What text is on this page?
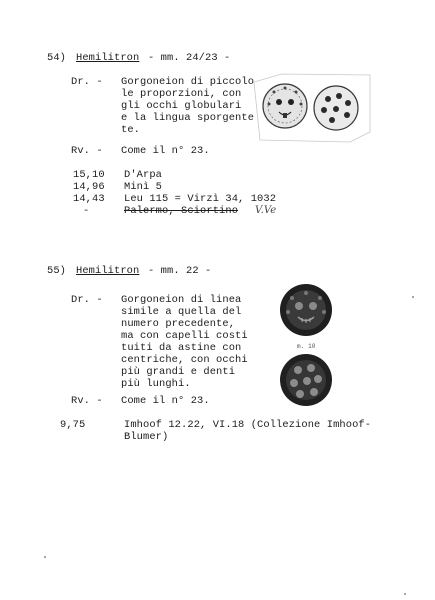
54) Hemilitron - mm. 24/23 -
Dr. - Gorgoneion di piccolo
le proporzioni, con
gli occhi globulari
e la lingua sporgente
te.
Rv. - Come il n° 23.
15,10 D'Arpa
14,96 Minì 5
14,43 Leu 115 = Virzì 34, 1032
-	Palermo, Sciortino V.Ve
55) Hemilitron - mm. 22 -
Dr. - Gorgoneion di linea
simile a quella del
numero precedente,
ma con capelli costi
tuiti da astine con
centriche, con occhi
più grandi e denti
più lunghi.
Rv. - Come il n° 23.
9,75	Imhoof 12.22, VI.18 (Collezione Imhoof-
Blumer)
m. 10
